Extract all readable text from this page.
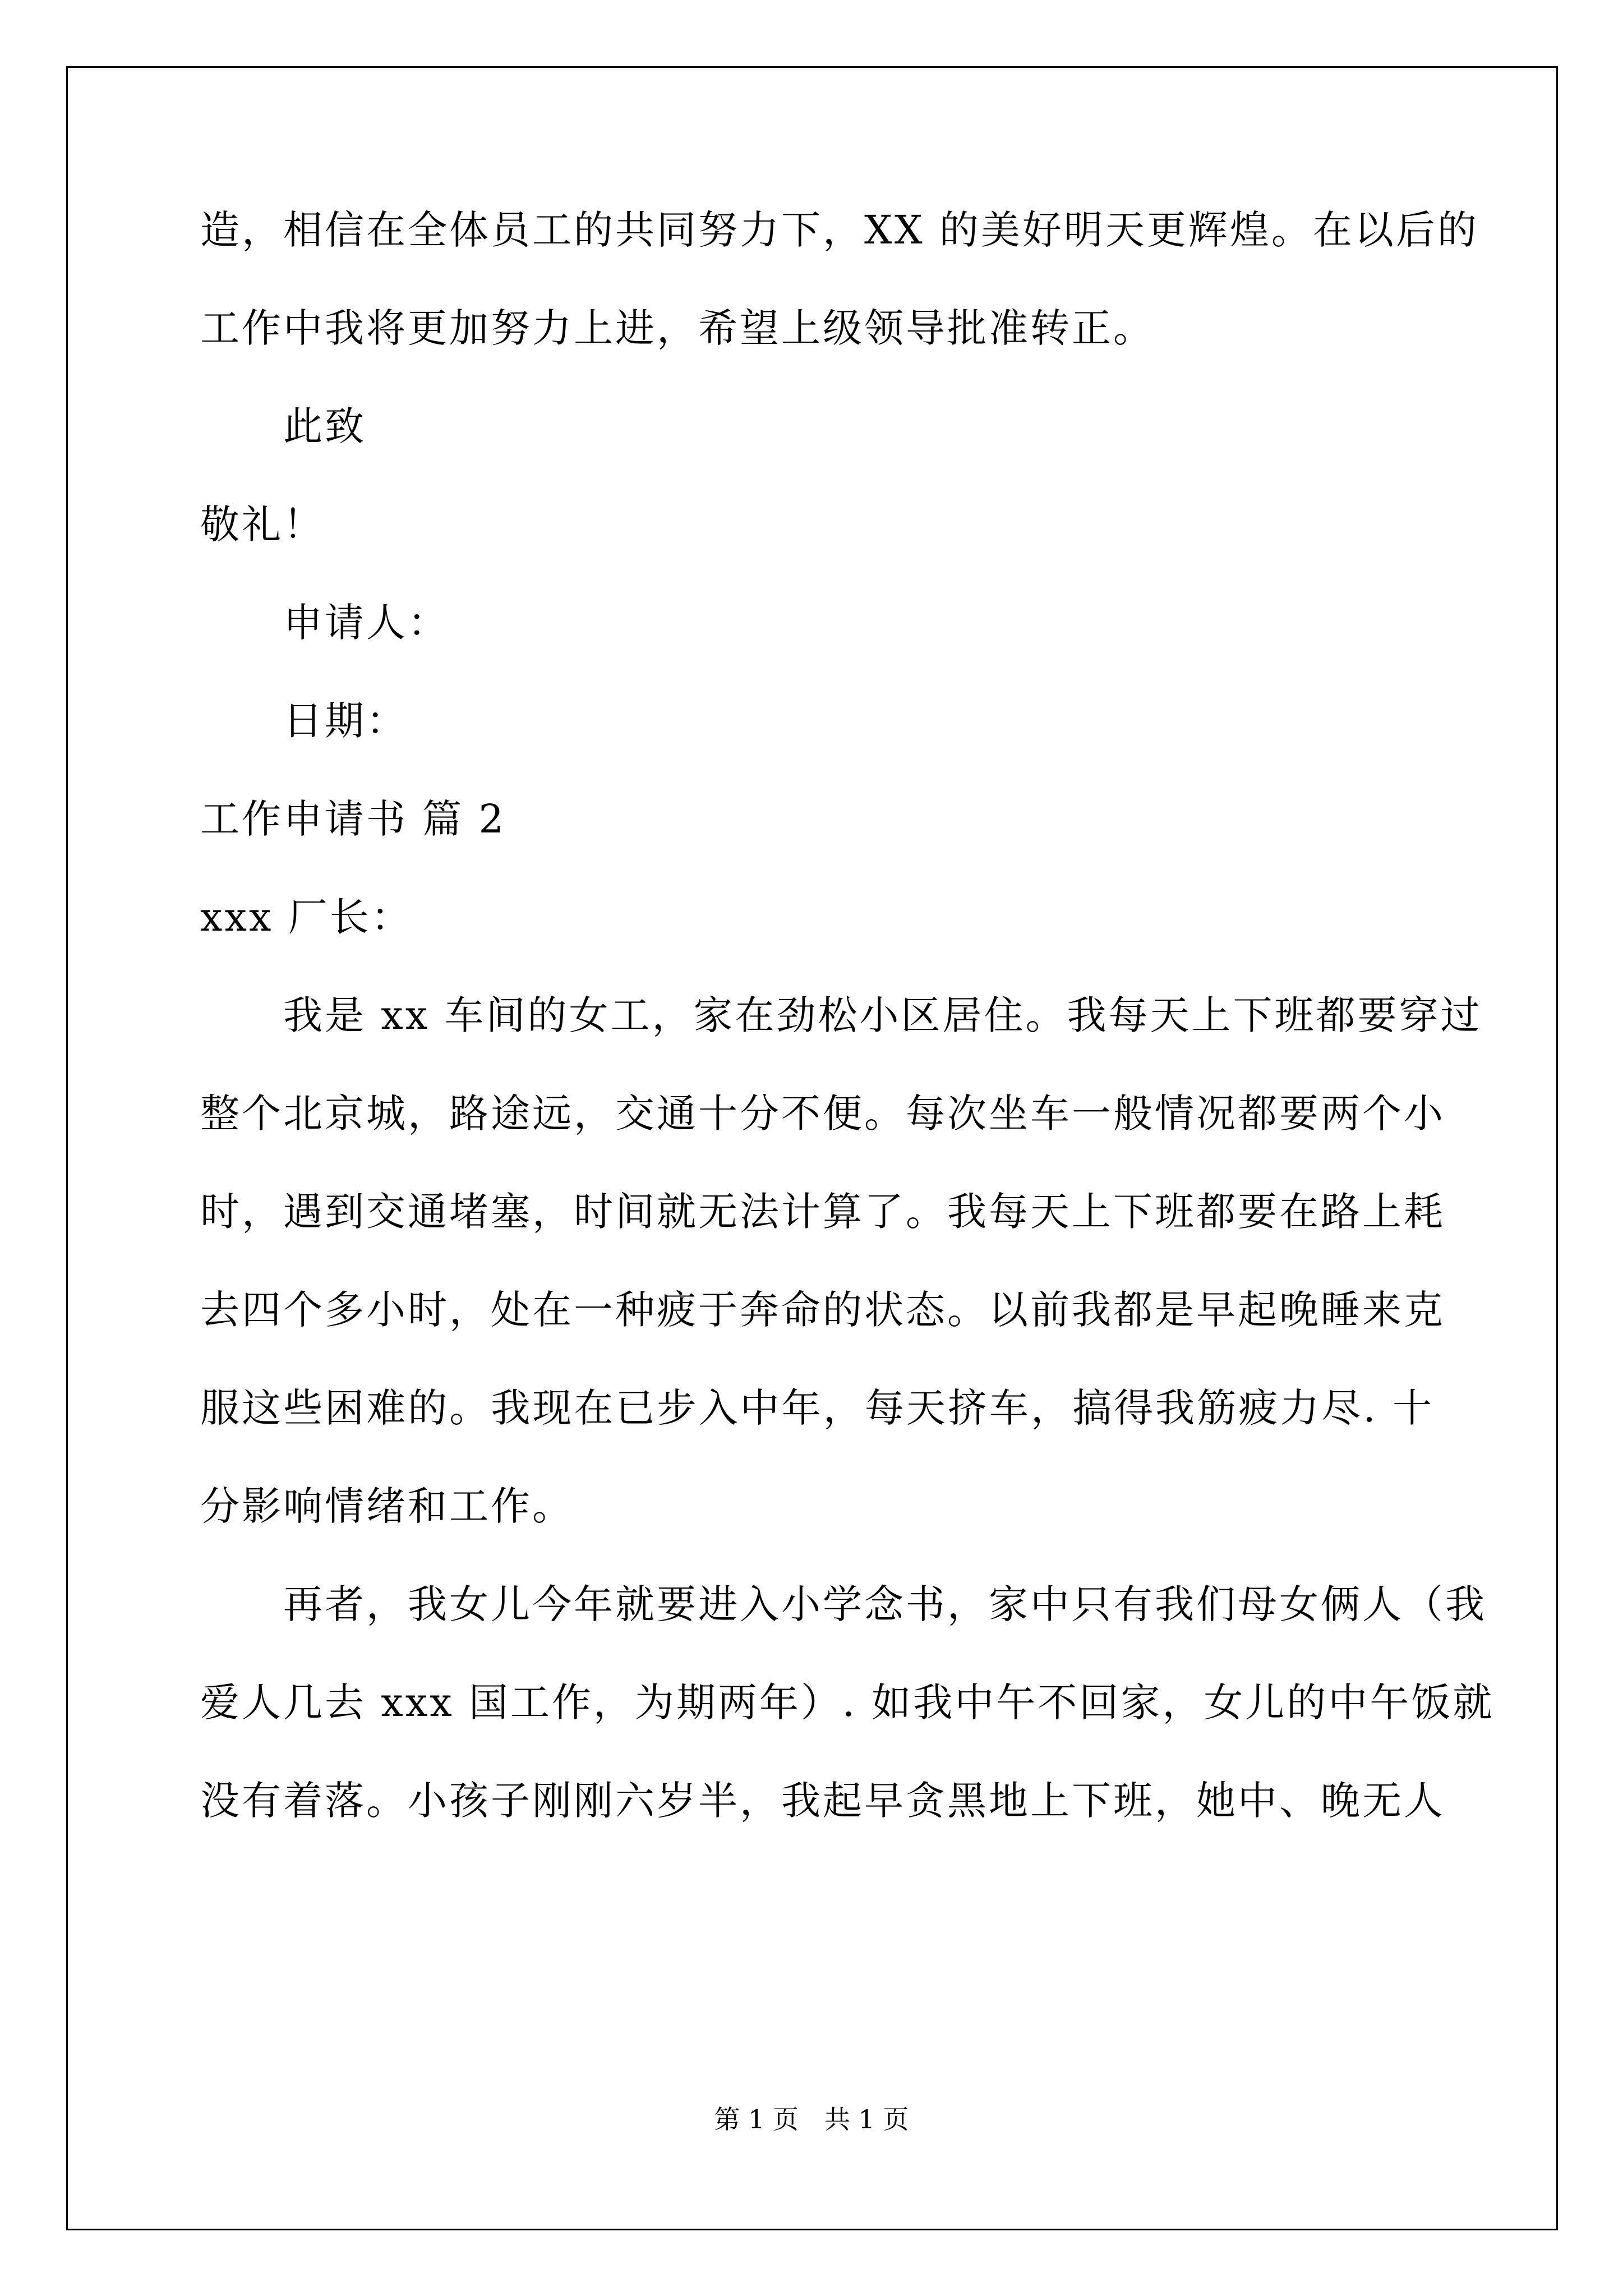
造，相信在全体员工的共同努力下，XX 的美好明天更辉煌。在以后的
工作中我将更加努力上进，希望上级领导批准转正。
此致
敬礼！
申请人：
日期：
工作申请书 篇 2
xxx 厂长：
我是 xx 车间的女工，家在劲松小区居住。我每天上下班都要穿过
整个北京城，路途远，交通十分不便。每次坐车一般情况都要两个小
时，遇到交通堵塞，时间就无法计算了。我每天上下班都要在路上耗
去四个多小时，处在一种疲于奔命的状态。以前我都是早起晚睡来克
服这些困难的。我现在已步入中年，每天挤车，搞得我筋疲力尽. 十
分影响情绪和工作。
再者，我女儿今年就要进入小学念书，家中只有我们母女俩人（我
爱人几去 xxx 国工作，为期两年）. 如我中午不回家，女儿的中午饭就
没有着落。小孩子刚刚六岁半，我起早贪黑地上下班，她中、晚无人
第 1 页　共 1 页
